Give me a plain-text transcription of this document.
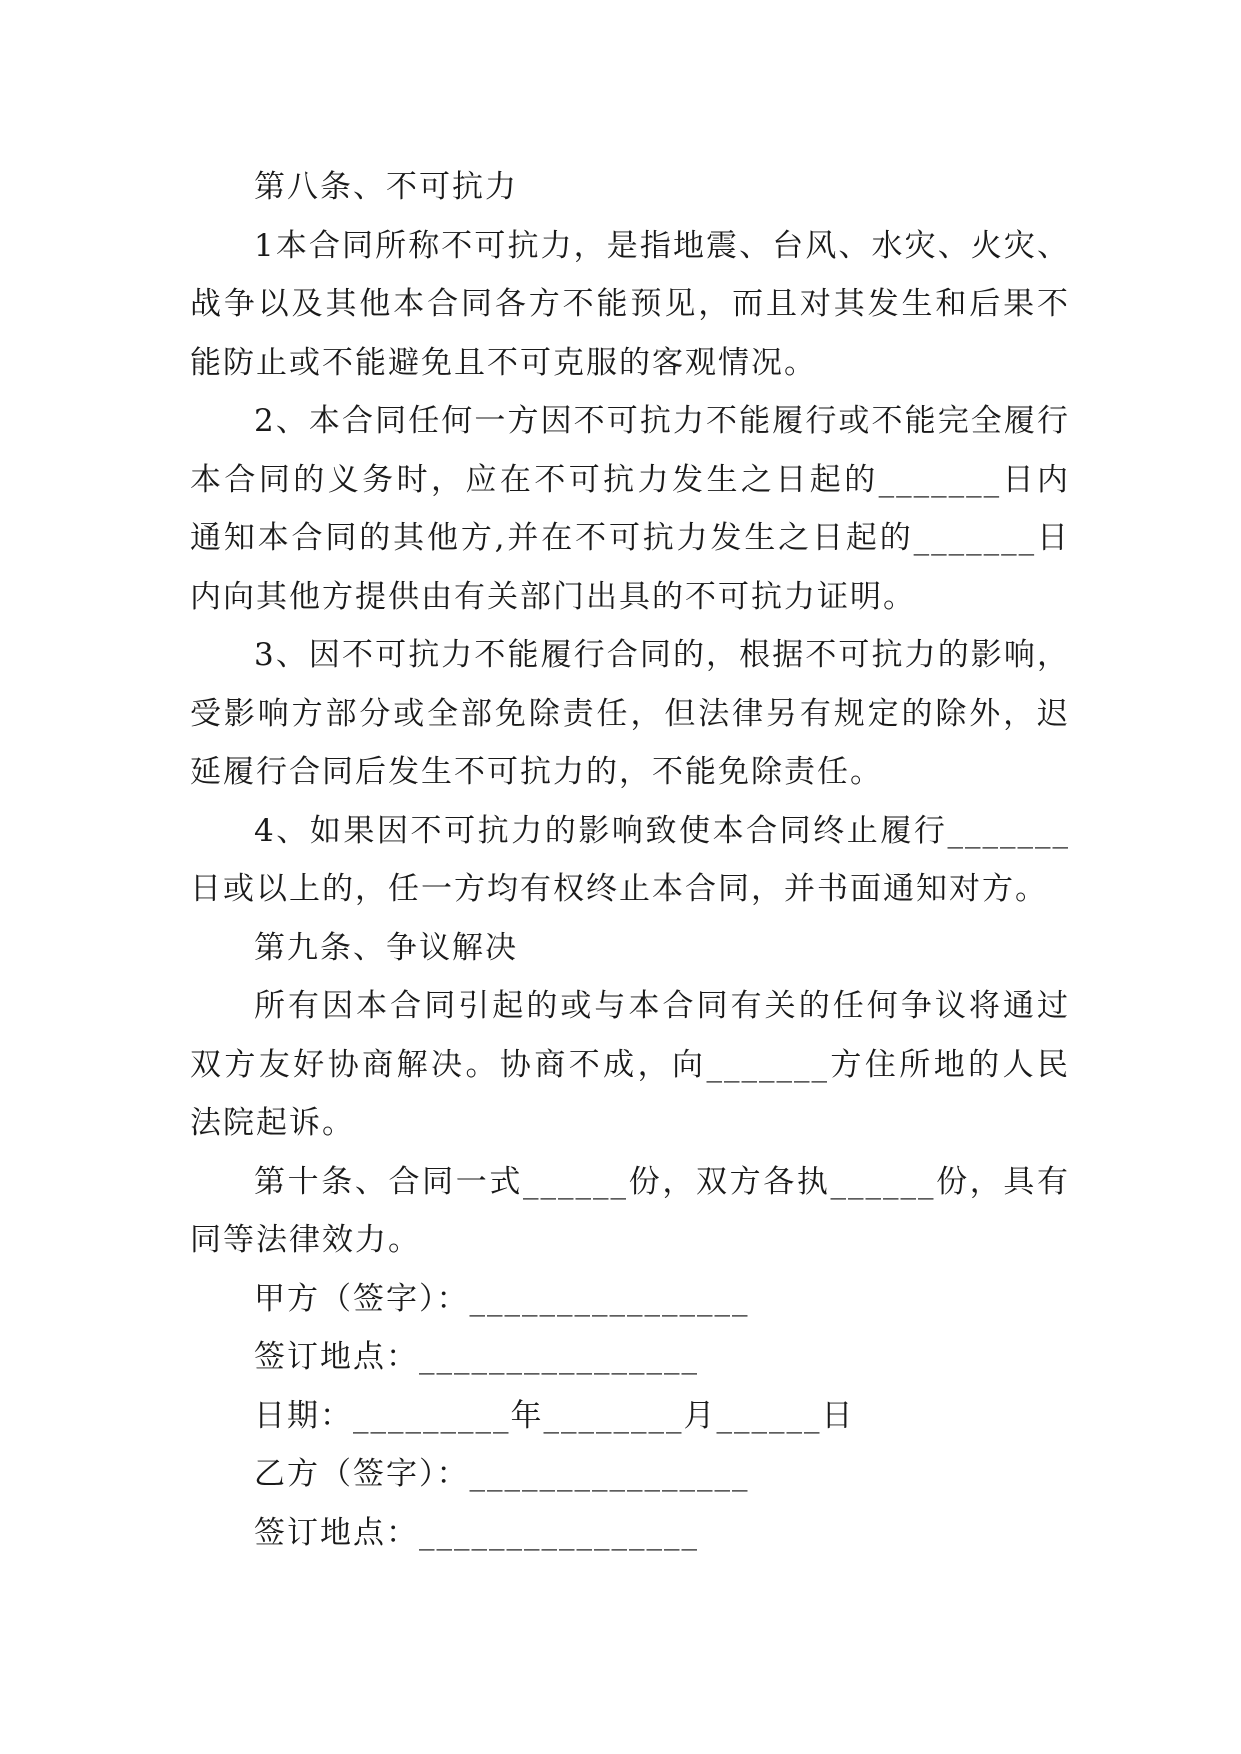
第八条、不可抗力

1本合同所称不可抗力，是指地震、台风、水灾、火灾、战争以及其他本合同各方不能预见，而且对其发生和后果不能防止或不能避免且不可克服的客观情况。

2、本合同任何一方因不可抗力不能履行或不能完全履行本合同的义务时，应在不可抗力发生之日起的_______日内通知本合同的其他方,并在不可抗力发生之日起的_______日内向其他方提供由有关部门出具的不可抗力证明。

3、因不可抗力不能履行合同的，根据不可抗力的影响，受影响方部分或全部免除责任，但法律另有规定的除外，迟延履行合同后发生不可抗力的，不能免除责任。

4、如果因不可抗力的影响致使本合同终止履行_______日或以上的，任一方均有权终止本合同，并书面通知对方。

第九条、争议解决

所有因本合同引起的或与本合同有关的任何争议将通过双方友好协商解决。协商不成，向_______方住所地的人民法院起诉。

第十条、合同一式______份，双方各执______份，具有同等法律效力。

甲方（签字）：________________

签订地点：________________

日期：_________年________月______日

乙方（签字）：________________

签订地点：________________
